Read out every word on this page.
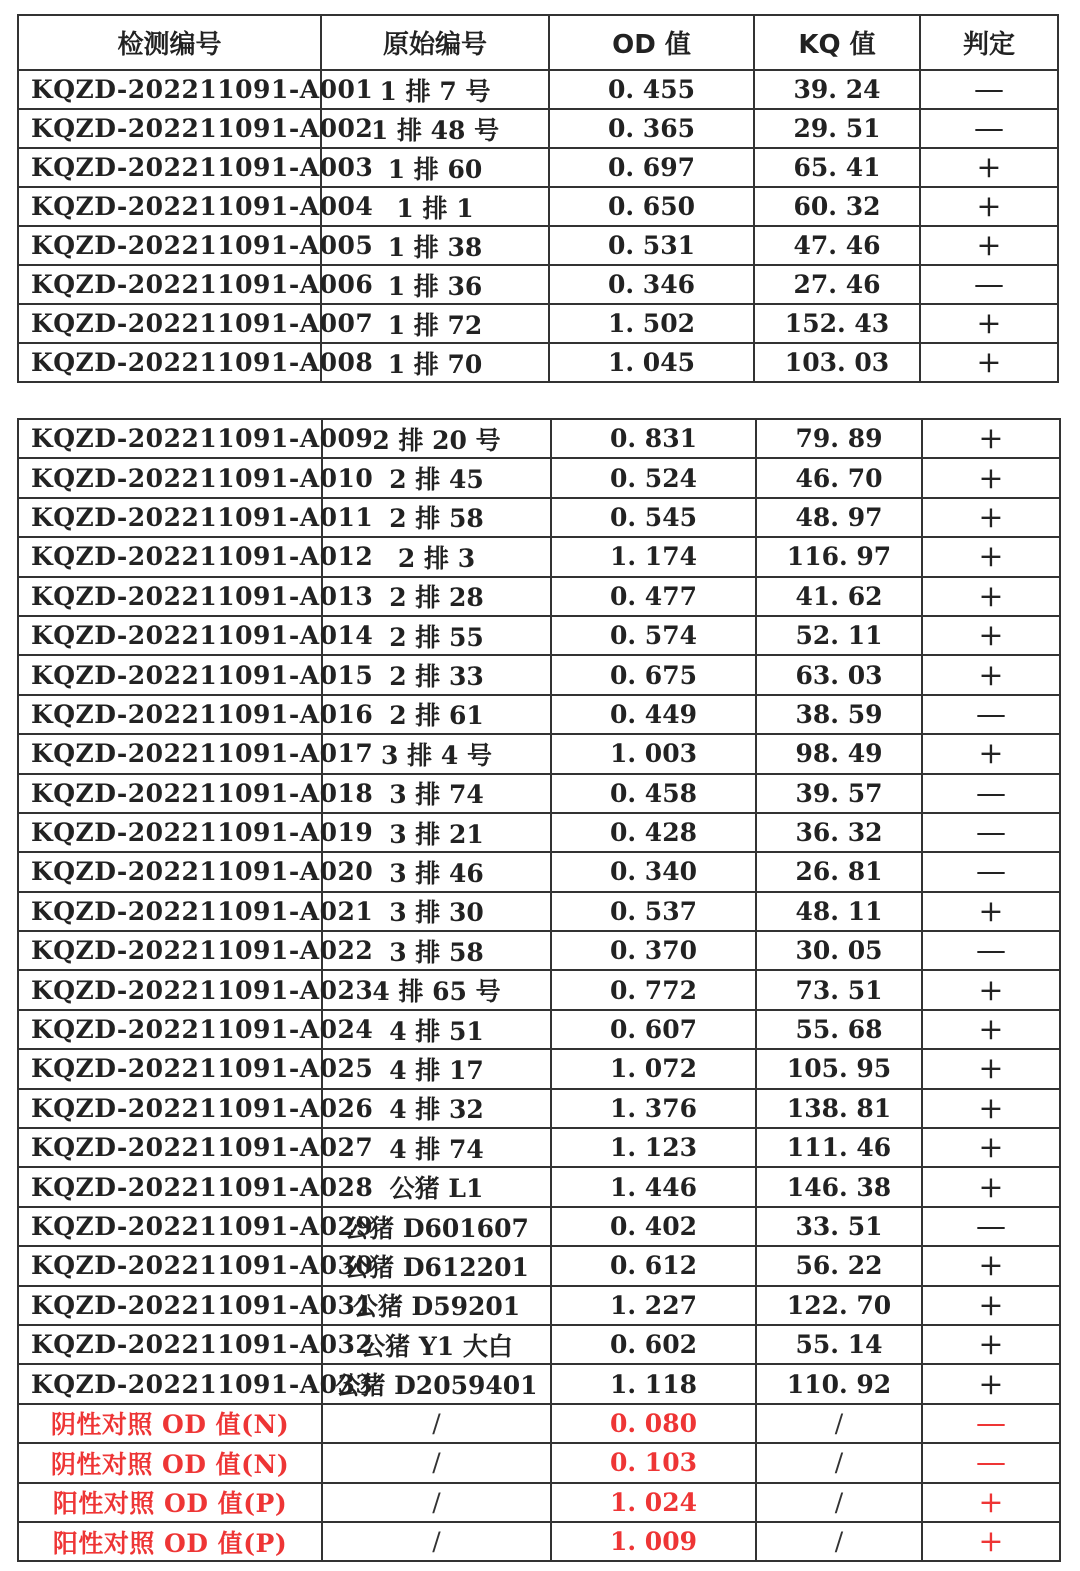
检测编号	原始编号	OD 值	KQ 值	判定
KQZD-202211091-A001	1 排 7 号	0. 455	39. 24	—
KQZD-202211091-A002	1 排 48 号	0. 365	29. 51	—
KQZD-202211091-A003	1 排 60	0. 697	65. 41	+
KQZD-202211091-A004	1 排 1	0. 650	60. 32	+
KQZD-202211091-A005	1 排 38	0. 531	47. 46	+
KQZD-202211091-A006	1 排 36	0. 346	27. 46	—
KQZD-202211091-A007	1 排 72	1. 502	152. 43	+
KQZD-202211091-A008	1 排 70	1. 045	103. 03	+
KQZD-202211091-A009	2 排 20 号	0. 831	79. 89	+
KQZD-202211091-A010	2 排 45	0. 524	46. 70	+
KQZD-202211091-A011	2 排 58	0. 545	48. 97	+
KQZD-202211091-A012	2 排 3	1. 174	116. 97	+
KQZD-202211091-A013	2 排 28	0. 477	41. 62	+
KQZD-202211091-A014	2 排 55	0. 574	52. 11	+
KQZD-202211091-A015	2 排 33	0. 675	63. 03	+
KQZD-202211091-A016	2 排 61	0. 449	38. 59	—
KQZD-202211091-A017	3 排 4 号	1. 003	98. 49	+
KQZD-202211091-A018	3 排 74	0. 458	39. 57	—
KQZD-202211091-A019	3 排 21	0. 428	36. 32	—
KQZD-202211091-A020	3 排 46	0. 340	26. 81	—
KQZD-202211091-A021	3 排 30	0. 537	48. 11	+
KQZD-202211091-A022	3 排 58	0. 370	30. 05	—
KQZD-202211091-A023	4 排 65 号	0. 772	73. 51	+
KQZD-202211091-A024	4 排 51	0. 607	55. 68	+
KQZD-202211091-A025	4 排 17	1. 072	105. 95	+
KQZD-202211091-A026	4 排 32	1. 376	138. 81	+
KQZD-202211091-A027	4 排 74	1. 123	111. 46	+
KQZD-202211091-A028	公猪 L1	1. 446	146. 38	+
KQZD-202211091-A029	公猪 D601607	0. 402	33. 51	—
KQZD-202211091-A030	公猪 D612201	0. 612	56. 22	+
KQZD-202211091-A031	公猪 D59201	1. 227	122. 70	+
KQZD-202211091-A032	公猪 Y1 大白	0. 602	55. 14	+
KQZD-202211091-A033	公猪 D2059401	1. 118	110. 92	+
阴性对照 OD 值(N)	/	0. 080	/	—
阴性对照 OD 值(N)	/	0. 103	/	—
阳性对照 OD 值(P)	/	1. 024	/	+
阳性对照 OD 值(P)	/	1. 009	/	+
